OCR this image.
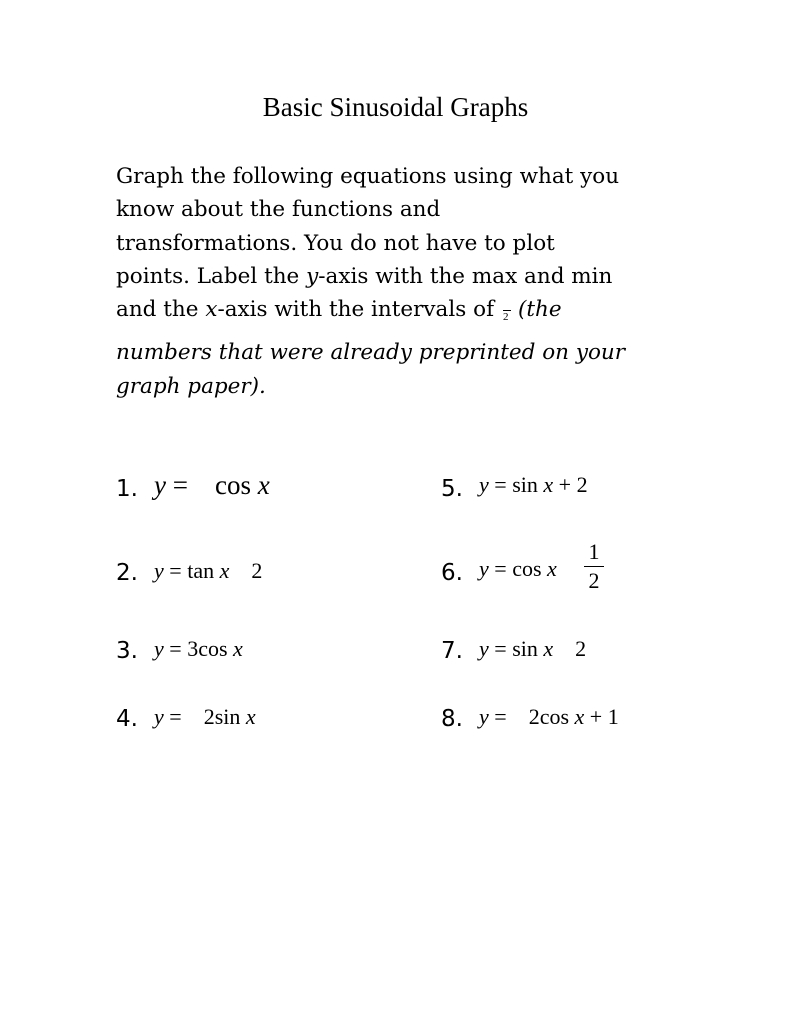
Basic Sinusoidal Graphs
Graph the following equations using what you
know about the functions and
transformations. You do not have to plot
points. Label the y-axis with the max and min
and the x-axis with the intervals of 2 (the
numbers that were already preprinted on your
graph paper).
1. y = cos x
2. y = tan x 2
3. y = 3cos x
4. y = 2sin x
5. y = sin x + 2
6. y = cos x
1
2
7. y = sin x 2
8. y = 2cos x + 1
